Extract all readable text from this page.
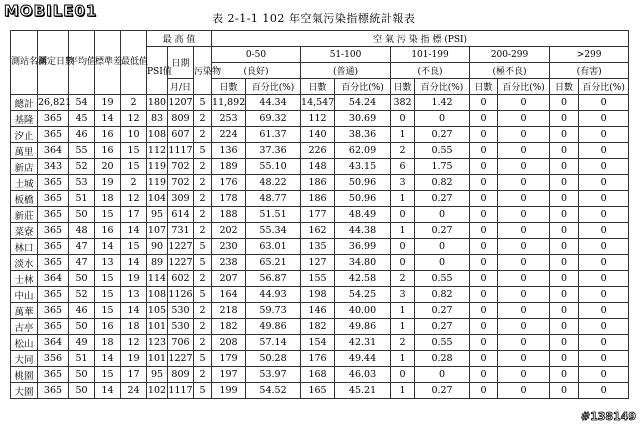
MOBILE01	表 2-1-1 102 年空氣污染指標統計報表
測站名稱	測定日數	平均值	標準差	最低值	最 高 值			空 氣 污 染 指 標 (PSI)									
					PSI值	日期	污染物	0-50		51-100		101-199		200-299		>299	
								(良好)		(普通)		(不良)		(極不良)		(有害)	
						月/日		日數	百分比(%)	日數	百分比(%)	日數	百分比(%)	日數	百分比(%)	日數	百分比(%)
總計	26,821	54	19	2	180	1207	5	11,892	44.34	14,547	54.24	382	1.42	0	0	0	0
基隆	365	45	14	12	83	809	2	253	69.32	112	30.69	0	0	0	0	0	0
汐止	365	46	16	10	108	607	2	224	61.37	140	38.36	1	0.27	0	0	0	0
萬里	364	55	16	15	112	1117	5	136	37.36	226	62.09	2	0.55	0	0	0	0
新店	343	52	20	15	119	702	2	189	55.10	148	43.15	6	1.75	0	0	0	0
土城	365	53	19	2	119	702	2	176	48.22	186	50.96	3	0.82	0	0	0	0
板橋	365	51	18	12	104	309	2	178	48.77	186	50.96	1	0.27	0	0	0	0
新莊	365	50	15	17	95	614	2	188	51.51	177	48.49	0	0	0	0	0	0
菜寮	365	48	16	14	107	731	2	202	55.34	162	44.38	1	0.27	0	0	0	0
林口	365	47	14	15	90	1227	5	230	63.01	135	36.99	0	0	0	0	0	0
淡水	365	47	13	14	89	1227	5	238	65.21	127	34.80	0	0	0	0	0	0
士林	364	50	15	19	114	602	2	207	56.87	155	42.58	2	0.55	0	0	0	0
中山	365	52	15	13	108	1126	5	164	44.93	198	54.25	3	0.82	0	0	0	0
萬華	365	46	15	14	105	530	2	218	59.73	146	40.00	1	0.27	0	0	0	0
古亭	365	50	16	18	101	530	2	182	49.86	182	49.86	1	0.27	0	0	0	0
松山	364	49	18	12	123	706	2	208	57.14	154	42.31	2	0.55	0	0	0	0
大同	356	51	14	19	101	1227	5	179	50.28	176	49.44	1	0.28	0	0	0	0
桃園	365	50	15	17	95	809	2	197	53.97	168	46.03	0	0	0	0	0	0
大園	365	50	14	24	102	1117	5	199	54.52	165	45.21	1	0.27	0	0	0	0
#138149
